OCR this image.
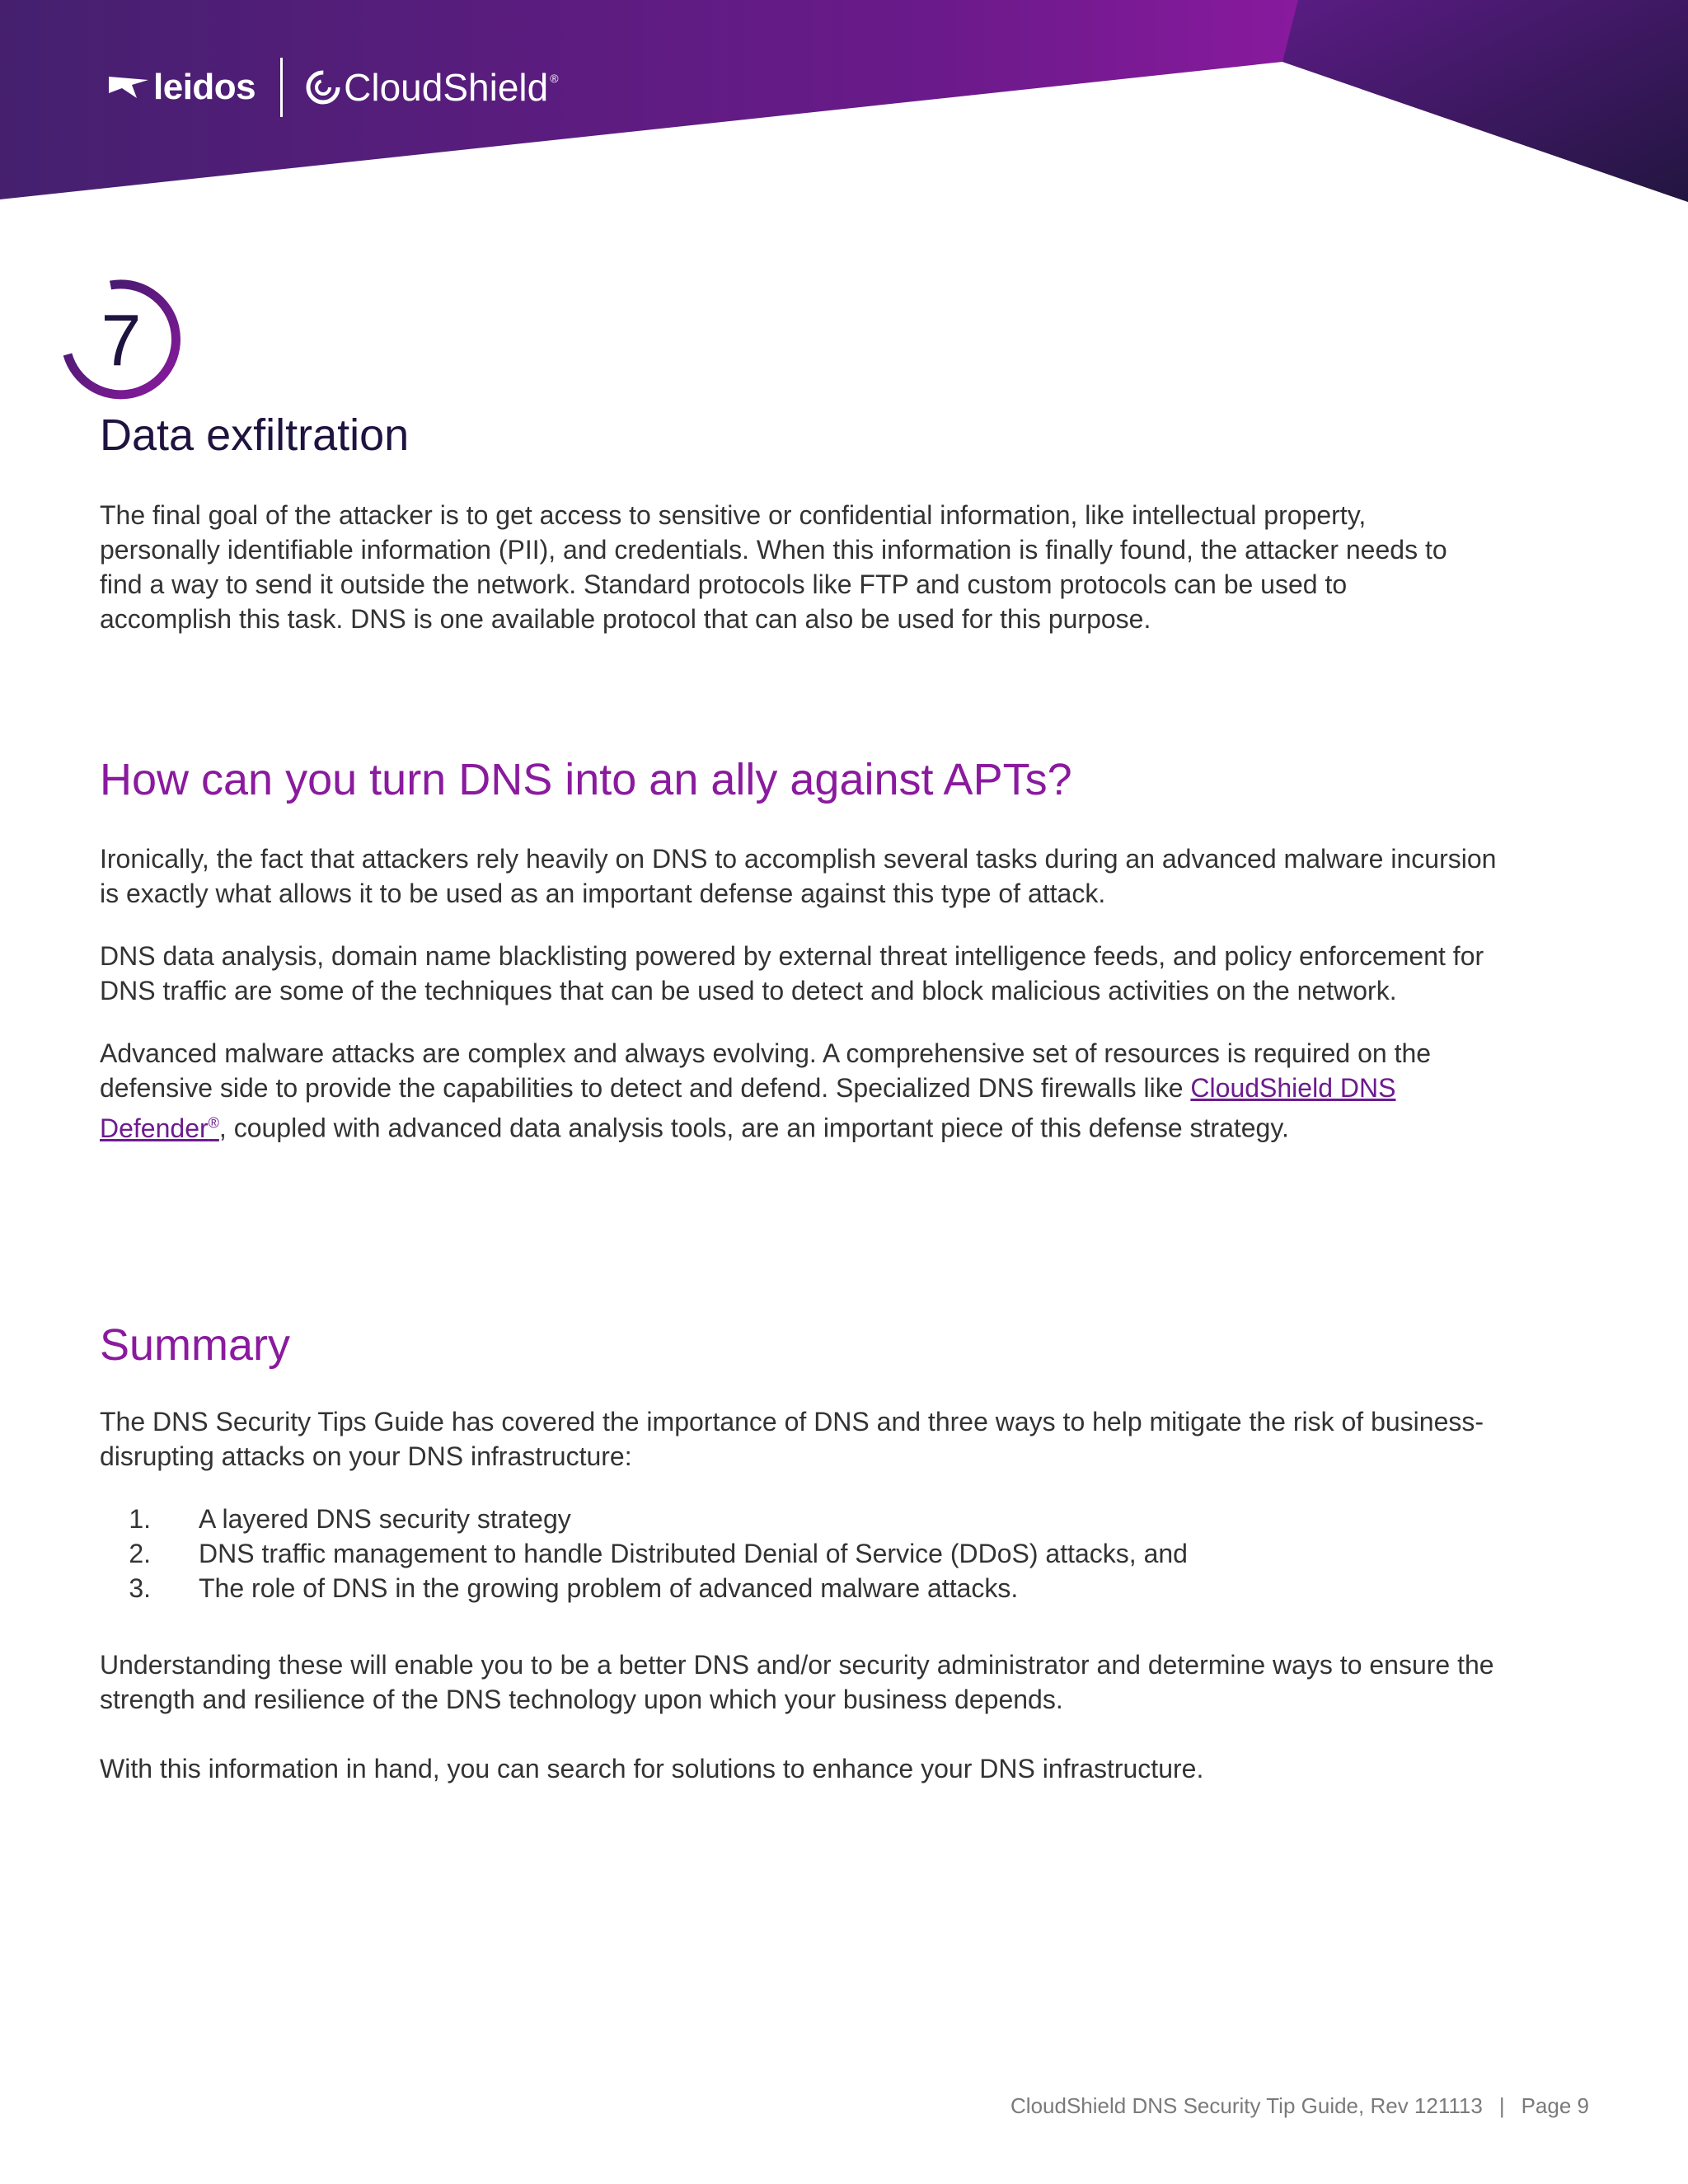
leidos CloudShield ®
7
Data exfiltration

The final goal of the attacker is to get access to sensitive or confidential information, like intellectual property,
personally identifiable information (PII), and credentials. When this information is finally found, the attacker needs to
find a way to send it outside the network. Standard protocols like FTP and custom protocols can be used to
accomplish this task. DNS is one available protocol that can also be used for this purpose.

How can you turn DNS into an ally against APTs?

Ironically, the fact that attackers rely heavily on DNS to accomplish several tasks during an advanced malware incursion
is exactly what allows it to be used as an important defense against this type of attack.

DNS data analysis, domain name blacklisting powered by external threat intelligence feeds, and policy enforcement for
DNS traffic are some of the techniques that can be used to detect and block malicious activities on the network.

Advanced malware attacks are complex and always evolving. A comprehensive set of resources is required on the
defensive side to provide the capabilities to detect and defend. Specialized DNS firewalls like CloudShield DNS
Defender®, coupled with advanced data analysis tools, are an important piece of this defense strategy.

Summary

The DNS Security Tips Guide has covered the importance of DNS and three ways to help mitigate the risk of business-
disrupting attacks on your DNS infrastructure:

1.	A layered DNS security strategy
2.	DNS traffic management to handle Distributed Denial of Service (DDoS) attacks, and
3.	The role of DNS in the growing problem of advanced malware attacks.

Understanding these will enable you to be a better DNS and/or security administrator and determine ways to ensure the
strength and resilience of the DNS technology upon which your business depends.

With this information in hand, you can search for solutions to enhance your DNS infrastructure.

CloudShield DNS Security Tip Guide, Rev 121113 | Page 9
